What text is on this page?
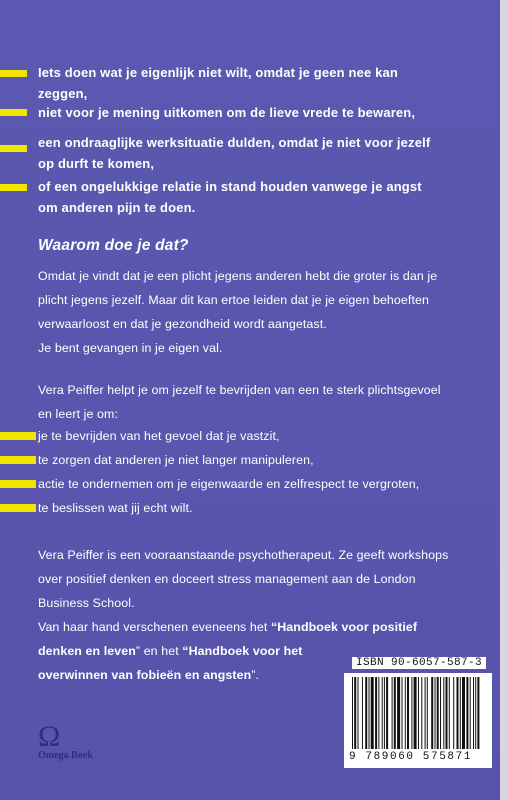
Iets doen wat je eigenlijk niet wilt, omdat je geen nee kan
zeggen,
niet voor je mening uitkomen om de lieve vrede te bewaren,
een ondraaglijke werksituatie dulden, omdat je niet voor jezelf
op durft te komen,
of een ongelukkige relatie in stand houden vanwege je angst
om anderen pijn te doen.
Waarom doe je dat?
Omdat je vindt dat je een plicht jegens anderen hebt die groter is dan je
plicht jegens jezelf. Maar dit kan ertoe leiden dat je je eigen behoeften
verwaarloost en dat je gezondheid wordt aangetast.
Je bent gevangen in je eigen val.
Vera Peiffer helpt je om jezelf te bevrijden van een te sterk plichtsgevoel
en leert je om:
je te bevrijden van het gevoel dat je vastzit,
te zorgen dat anderen je niet langer manipuleren,
actie te ondernemen om je eigenwaarde en zelfrespect te vergroten,
te beslissen wat jij echt wilt.
Vera Peiffer is een vooraanstaande psychotherapeut. Ze geeft workshops
over positief denken en doceert stress management aan de London
Business School.
Van haar hand verschenen eveneens het “Handboek voor positief
denken en leven” en het “Handboek voor het
overwinnen van fobieën en angsten”.
ISBN 90-6057-587-3
9 789060 575871
Ω
Omega Boek
